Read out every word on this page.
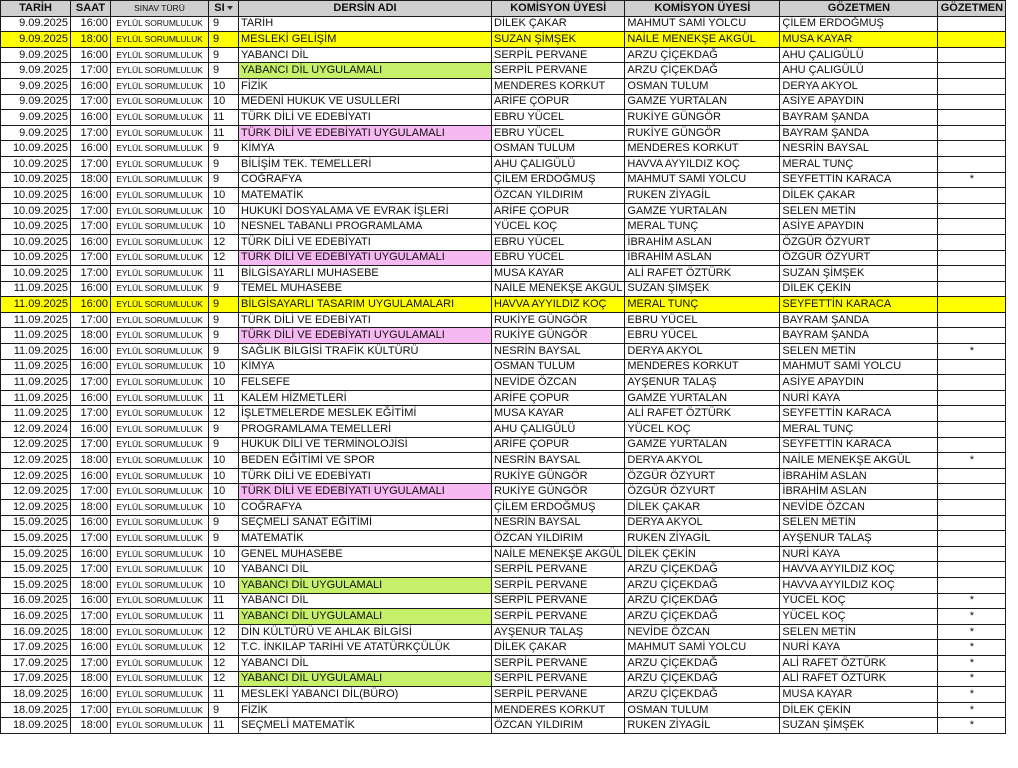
TARİH	SAAT	SINAV TÜRÜ	SI	DERSİN ADI	KOMİSYON ÜYESİ	KOMİSYON ÜYESİ	GÖZETMEN	GÖZETMEN
9.09.2025	16:00	EYLÜL SORUMLULUK	9	TARİH	DİLEK ÇAKAR	MAHMUT SAMİ YOLCU	ÇİLEM ERDOĞMUŞ	
9.09.2025	18:00	EYLÜL SORUMLULUK	9	MESLEKİ GELİŞİM	SUZAN ŞİMŞEK	NAİLE MENEKŞE AKGÜL	MUSA KAYAR	
9.09.2025	16:00	EYLÜL SORUMLULUK	9	YABANCI DİL	SERPİL PERVANE	ARZU ÇİÇEKDAĞ	AHU ÇALIGÜLÜ	
9.09.2025	17:00	EYLÜL SORUMLULUK	9	YABANCI DİL UYGULAMALI	SERPİL PERVANE	ARZU ÇİÇEKDAĞ	AHU ÇALIGÜLÜ	
9.09.2025	16:00	EYLÜL SORUMLULUK	10	FİZİK	MENDERES KORKUT	OSMAN TULUM	DERYA AKYOL	
9.09.2025	17:00	EYLÜL SORUMLULUK	10	MEDENİ HUKUK VE USULLERİ	ARİFE ÇOPUR	GAMZE YURTALAN	ASİYE APAYDIN	
9.09.2025	16:00	EYLÜL SORUMLULUK	11	TÜRK DİLİ VE EDEBİYATI	EBRU YÜCEL	RUKİYE GÜNGÖR	BAYRAM ŞANDA	
9.09.2025	17:00	EYLÜL SORUMLULUK	11	TÜRK DİLİ VE EDEBİYATI UYGULAMALI	EBRU YÜCEL	RUKİYE GÜNGÖR	BAYRAM ŞANDA	
10.09.2025	16:00	EYLÜL SORUMLULUK	9	KİMYA	OSMAN TULUM	MENDERES KORKUT	NESRİN BAYSAL	
10.09.2025	17:00	EYLÜL SORUMLULUK	9	BİLİŞİM TEK. TEMELLERİ	AHU ÇALIGÜLÜ	HAVVA AYYILDIZ KOÇ	MERAL TUNÇ	
10.09.2025	18:00	EYLÜL SORUMLULUK	9	COĞRAFYA	ÇİLEM ERDOĞMUŞ	MAHMUT SAMİ YOLCU	SEYFETTİN KARACA	*
10.09.2025	16:00	EYLÜL SORUMLULUK	10	MATEMATİK	ÖZCAN YILDIRIM	RUKEN ZİYAGİL	DİLEK ÇAKAR	
10.09.2025	17:00	EYLÜL SORUMLULUK	10	HUKUKİ DOSYALAMA VE EVRAK İŞLERİ	ARİFE ÇOPUR	GAMZE YURTALAN	SELEN METİN	
10.09.2025	17:00	EYLÜL SORUMLULUK	10	NESNEL TABANLI PROGRAMLAMA	YÜCEL KOÇ	MERAL TUNÇ	ASİYE APAYDIN	
10.09.2025	16:00	EYLÜL SORUMLULUK	12	TÜRK DİLİ VE EDEBİYATI	EBRU YÜCEL	İBRAHİM ASLAN	ÖZGÜR ÖZYURT	
10.09.2025	17:00	EYLÜL SORUMLULUK	12	TÜRK DİLİ VE EDEBİYATI UYGULAMALI	EBRU YÜCEL	İBRAHİM ASLAN	ÖZGÜR ÖZYURT	
10.09.2025	17:00	EYLÜL SORUMLULUK	11	BİLGİSAYARLI MUHASEBE	MUSA KAYAR	ALİ RAFET ÖZTÜRK	SUZAN ŞİMŞEK	
11.09.2025	16:00	EYLÜL SORUMLULUK	9	TEMEL MUHASEBE	NAİLE MENEKŞE AKGÜL	SUZAN ŞİMŞEK	DİLEK ÇEKİN	
11.09.2025	16:00	EYLÜL SORUMLULUK	9	BİLGİSAYARLI TASARIM UYGULAMALARI	HAVVA AYYILDIZ KOÇ	MERAL TUNÇ	SEYFETTİN KARACA	
11.09.2025	17:00	EYLÜL SORUMLULUK	9	TÜRK DİLİ VE EDEBİYATI	RUKİYE GÜNGÖR	EBRU YÜCEL	BAYRAM ŞANDA	
11.09.2025	18:00	EYLÜL SORUMLULUK	9	TÜRK DİLİ VE EDEBİYATI UYGULAMALI	RUKİYE GÜNGÖR	EBRU YÜCEL	BAYRAM ŞANDA	
11.09.2025	16:00	EYLÜL SORUMLULUK	9	SAĞLIK BİLGİSİ TRAFİK KÜLTÜRÜ	NESRİN BAYSAL	DERYA AKYOL	SELEN METİN	*
11.09.2025	16:00	EYLÜL SORUMLULUK	10	KİMYA	OSMAN TULUM	MENDERES KORKUT	MAHMUT SAMİ YOLCU	
11.09.2025	17:00	EYLÜL SORUMLULUK	10	FELSEFE	NEVİDE ÖZCAN	AYŞENUR TALAŞ	ASİYE APAYDIN	
11.09.2025	16:00	EYLÜL SORUMLULUK	11	KALEM HİZMETLERİ	ARİFE ÇOPUR	GAMZE YURTALAN	NURİ KAYA	
11.09.2025	17:00	EYLÜL SORUMLULUK	12	İŞLETMELERDE MESLEK EĞİTİMİ	MUSA KAYAR	ALİ RAFET ÖZTÜRK	SEYFETTİN KARACA	
12.09.2024	16:00	EYLÜL SORUMLULUK	9	PROGRAMLAMA TEMELLERİ	AHU ÇALIGÜLÜ	YÜCEL KOÇ	MERAL TUNÇ	
12.09.2025	17:00	EYLÜL SORUMLULUK	9	HUKUK DİLİ VE TERMİNOLOJİSİ	ARİFE ÇOPUR	GAMZE YURTALAN	SEYFETTİN KARACA	
12.09.2025	18:00	EYLÜL SORUMLULUK	10	BEDEN EĞİTİMİ VE SPOR	NESRİN BAYSAL	DERYA AKYOL	NAİLE MENEKŞE AKGÜL	*
12.09.2025	16:00	EYLÜL SORUMLULUK	10	TÜRK DİLİ VE EDEBİYATI	RUKİYE GÜNGÖR	ÖZGÜR ÖZYURT	İBRAHİM ASLAN	
12.09.2025	17:00	EYLÜL SORUMLULUK	10	TÜRK DİLİ VE EDEBİYATI UYGULAMALI	RUKİYE GÜNGÖR	ÖZGÜR ÖZYURT	İBRAHİM ASLAN	
12.09.2025	18:00	EYLÜL SORUMLULUK	10	COĞRAFYA	ÇİLEM ERDOĞMUŞ	DİLEK ÇAKAR	NEVİDE ÖZCAN	
15.09.2025	16:00	EYLÜL SORUMLULUK	9	SEÇMELİ SANAT EĞİTİMİ	NESRİN BAYSAL	DERYA AKYOL	SELEN METİN	
15.09.2025	17:00	EYLÜL SORUMLULUK	9	MATEMATİK	ÖZCAN YILDIRIM	RUKEN ZİYAGİL	AYŞENUR TALAŞ	
15.09.2025	16:00	EYLÜL SORUMLULUK	10	GENEL MUHASEBE	NAİLE MENEKŞE AKGÜL	DİLEK ÇEKİN	NURİ KAYA	
15.09.2025	17:00	EYLÜL SORUMLULUK	10	YABANCI DİL	SERPİL PERVANE	ARZU ÇİÇEKDAĞ	HAVVA AYYILDIZ KOÇ	
15.09.2025	18:00	EYLÜL SORUMLULUK	10	YABANCI DİL UYGULAMALI	SERPİL PERVANE	ARZU ÇİÇEKDAĞ	HAVVA AYYILDIZ KOÇ	
16.09.2025	16:00	EYLÜL SORUMLULUK	11	YABANCI DİL	SERPİL PERVANE	ARZU ÇİÇEKDAĞ	YÜCEL KOÇ	*
16.09.2025	17:00	EYLÜL SORUMLULUK	11	YABANCI DİL UYGULAMALI	SERPİL PERVANE	ARZU ÇİÇEKDAĞ	YÜCEL KOÇ	*
16.09.2025	18:00	EYLÜL SORUMLULUK	12	DİN KÜLTÜRÜ VE AHLAK BİLGİSİ	AYŞENUR TALAŞ	NEVİDE ÖZCAN	SELEN METİN	*
17.09.2025	16:00	EYLÜL SORUMLULUK	12	T.C. İNKILAP TARİHİ VE ATATÜRKÇÜLÜK	DİLEK ÇAKAR	MAHMUT SAMİ YOLCU	NURİ KAYA	*
17.09.2025	17:00	EYLÜL SORUMLULUK	12	YABANCI DİL	SERPİL PERVANE	ARZU ÇİÇEKDAĞ	ALİ RAFET ÖZTÜRK	*
17.09.2025	18:00	EYLÜL SORUMLULUK	12	YABANCI DİL UYGULAMALI	SERPİL PERVANE	ARZU ÇİÇEKDAĞ	ALİ RAFET ÖZTÜRK	*
18.09.2025	16:00	EYLÜL SORUMLULUK	11	MESLEKİ YABANCI DİL(BÜRO)	SERPİL PERVANE	ARZU ÇİÇEKDAĞ	MUSA KAYAR	*
18.09.2025	17:00	EYLÜL SORUMLULUK	9	FİZİK	MENDERES KORKUT	OSMAN TULUM	DİLEK ÇEKİN	*
18.09.2025	18:00	EYLÜL SORUMLULUK	11	SEÇMELİ MATEMATİK	ÖZCAN YILDIRIM	RUKEN ZİYAGİL	SUZAN ŞİMŞEK	*
